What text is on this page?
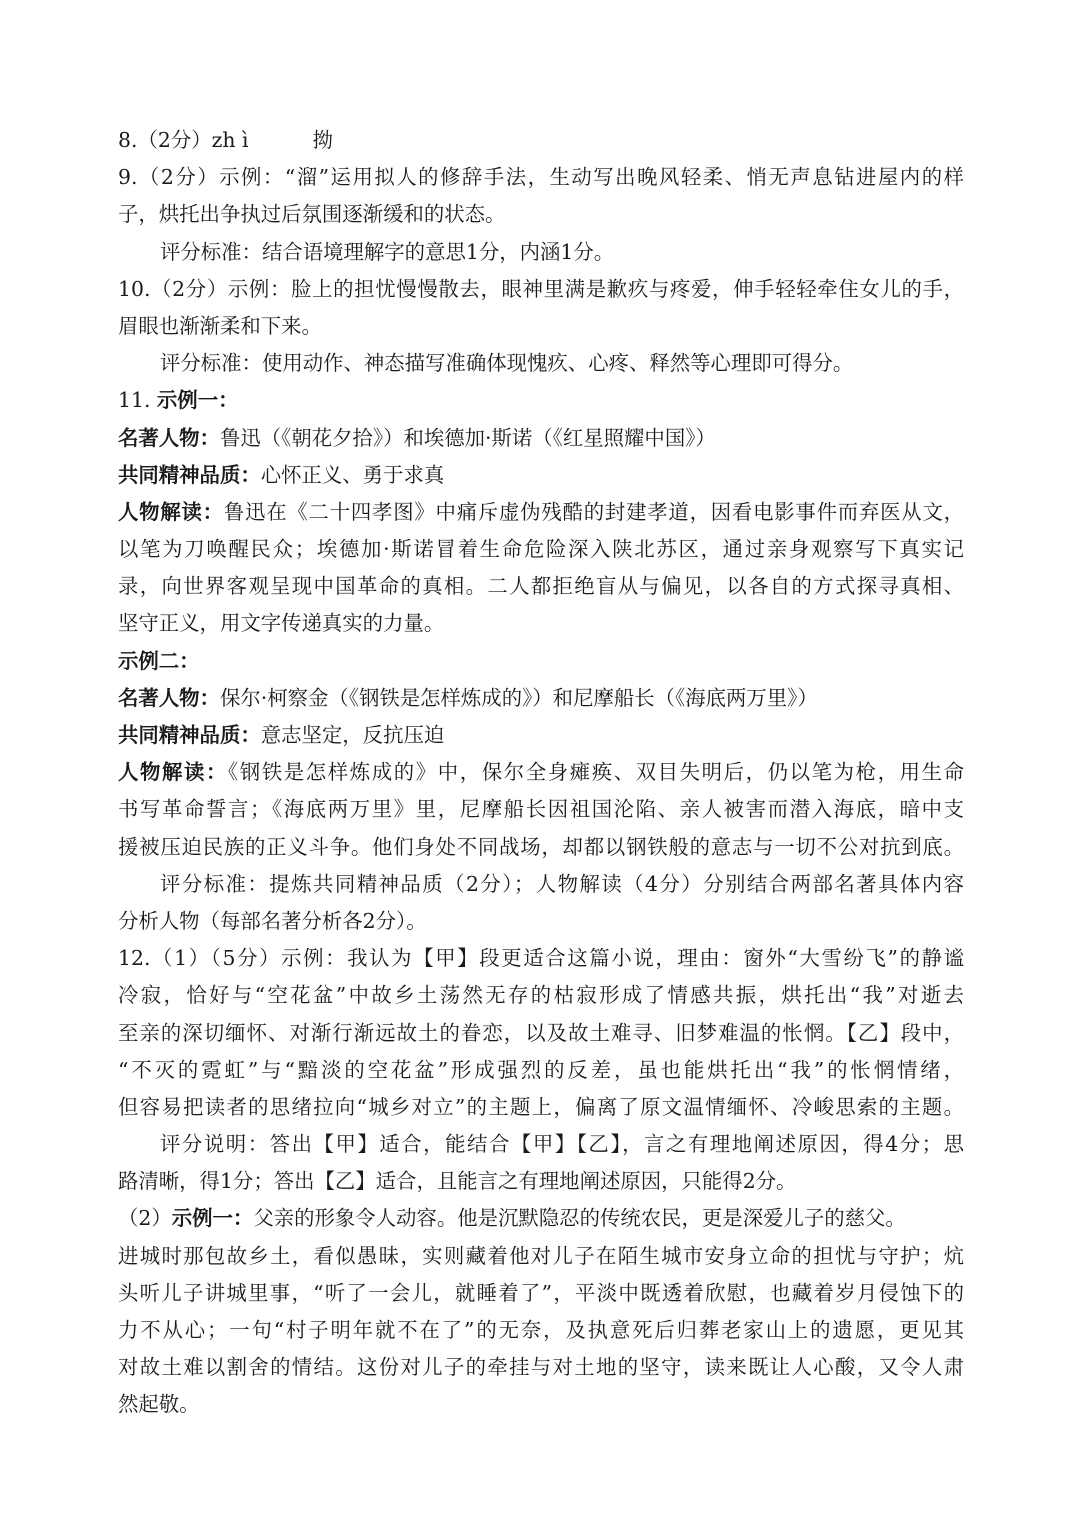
8.（2分）zh ì	拗
9.（2分）示例：“溜”运用拟人的修辞手法，生动写出晚风轻柔、悄无声息钻进屋内的样
子，烘托出争执过后氛围逐渐缓和的状态。
评分标准：结合语境理解字的意思1分，内涵1分。
10.（2分）示例：脸上的担忧慢慢散去，眼神里满是歉疚与疼爱，伸手轻轻牵住女儿的手，
眉眼也渐渐柔和下来。
评分标准：使用动作、神态描写准确体现愧疚、心疼、释然等心理即可得分。
11. 示例一：
名著人物：鲁迅（《朝花夕拾》）和埃德加·斯诺（《红星照耀中国》）
共同精神品质：心怀正义、勇于求真
人物解读：鲁迅在《二十四孝图》中痛斥虚伪残酷的封建孝道，因看电影事件而弃医从文，
以笔为刀唤醒民众；埃德加·斯诺冒着生命危险深入陕北苏区，通过亲身观察写下真实记
录，向世界客观呈现中国革命的真相。二人都拒绝盲从与偏见，以各自的方式探寻真相、
坚守正义，用文字传递真实的力量。
示例二：
名著人物：保尔·柯察金（《钢铁是怎样炼成的》）和尼摩船长（《海底两万里》）
共同精神品质：意志坚定，反抗压迫
人物解读：《钢铁是怎样炼成的》中，保尔全身瘫痪、双目失明后，仍以笔为枪，用生命
书写革命誓言；《海底两万里》里，尼摩船长因祖国沦陷、亲人被害而潜入海底，暗中支
援被压迫民族的正义斗争。他们身处不同战场，却都以钢铁般的意志与一切不公对抗到底。
评分标准：提炼共同精神品质（2分）；人物解读（4分）分别结合两部名著具体内容
分析人物（每部名著分析各2分）。
12.（1）（5分）示例：我认为【甲】段更适合这篇小说，理由：窗外“大雪纷飞”的静谧
冷寂，恰好与“空花盆”中故乡土荡然无存的枯寂形成了情感共振，烘托出“我”对逝去
至亲的深切缅怀、对渐行渐远故土的眷恋，以及故土难寻、旧梦难温的怅惘。【乙】段中，
“不灭的霓虹”与“黯淡的空花盆”形成强烈的反差，虽也能烘托出“我”的怅惘情绪，
但容易把读者的思绪拉向“城乡对立”的主题上，偏离了原文温情缅怀、冷峻思索的主题。
评分说明：答出【甲】适合，能结合【甲】【乙】，言之有理地阐述原因，得4分；思
路清晰，得1分；答出【乙】适合，且能言之有理地阐述原因，只能得2分。
（2）示例一：父亲的形象令人动容。他是沉默隐忍的传统农民，更是深爱儿子的慈父。
进城时那包故乡土，看似愚昧，实则藏着他对儿子在陌生城市安身立命的担忧与守护；炕
头听儿子讲城里事，“听了一会儿，就睡着了”，平淡中既透着欣慰，也藏着岁月侵蚀下的
力不从心；一句“村子明年就不在了”的无奈，及执意死后归葬老家山上的遗愿，更见其
对故土难以割舍的情结。这份对儿子的牵挂与对土地的坚守，读来既让人心酸，又令人肃
然起敬。
